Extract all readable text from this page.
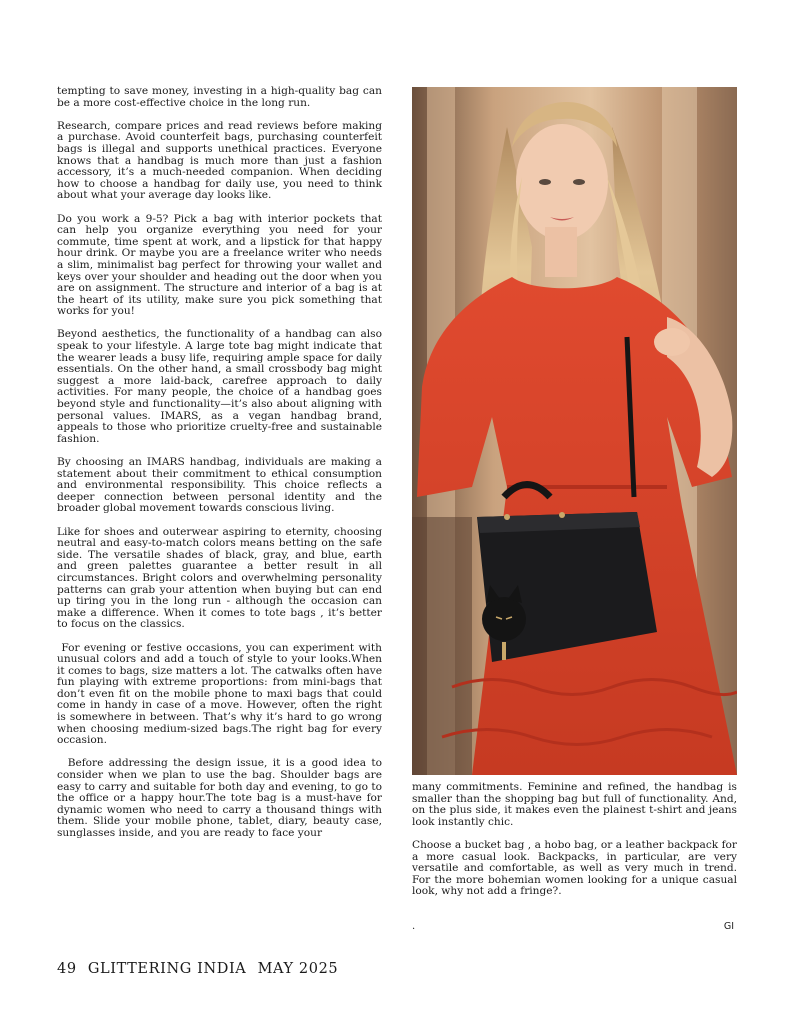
tempting to save money, investing in a high-quality bag can be a more cost-effective choice in the long run.

Research, compare prices and read reviews before making a purchase. Avoid counterfeit bags, purchasing counterfeit bags is illegal and supports unethical practices. Everyone knows that a handbag is much more than just a fashion accessory, it’s a much-needed companion. When deciding how to choose a handbag for daily use, you need to think about what your average day looks like.

Do you work a 9-5? Pick a bag with interior pockets that can help you organize everything you need for your commute, time spent at work, and a lipstick for that happy hour drink. Or maybe you are a freelance writer who needs a slim, minimalist bag perfect for throwing your wallet and keys over your shoulder and heading out the door when you are on assignment. The structure and interior of a bag is at the heart of its utility, make sure you pick something that works for you!

Beyond aesthetics, the functionality of a handbag can also speak to your lifestyle. A large tote bag might indicate that the wearer leads a busy life, requiring ample space for daily essentials. On the other hand, a small crossbody bag might suggest a more laid-back, carefree approach to daily activities. For many people, the choice of a handbag goes beyond style and functionality—it’s also about aligning with personal values. IMARS, as a vegan handbag brand, appeals to those who prioritize cruelty-free and sustainable fashion.

By choosing an IMARS handbag, individuals are making a statement about their commitment to ethical consumption and environmental responsibility. This choice reflects a deeper connection between personal identity and the broader global movement towards conscious living.

Like for shoes and outerwear aspiring to eternity, choosing neutral and easy-to-match colors means betting on the safe side. The versatile shades of black, gray, and blue, earth and green palettes guarantee a better result in all circumstances. Bright colors and overwhelming personality patterns can grab your attention when buying but can end up tiring you in the long run - although the occasion can make a difference. When it comes to tote bags , it’s better to focus on the classics.

For evening or festive occasions, you can experiment with unusual colors and add a touch of style to your looks.When it comes to bags, size matters a lot. The catwalks often have fun playing with extreme proportions: from mini-bags that don’t even fit on the mobile phone to maxi bags that could come in handy in case of a move. However, often the right is somewhere in between. That’s why it’s hard to go wrong when choosing medium-sized bags.The right bag for every occasion.

Before addressing the design issue, it is a good idea to consider when we plan to use the bag. Shoulder bags are easy to carry and suitable for both day and evening, to go to the office or a happy hour.The tote bag is a must-have for dynamic women who need to carry a thousand things with them. Slide your mobile phone, tablet, diary, beauty case, sunglasses inside, and you are ready to face your

many commitments. Feminine and refined, the handbag is smaller than the shopping bag but full of functionality. And, on the plus side, it makes even the plainest t-shirt and jeans look instantly chic.

Choose a bucket bag , a hobo bag, or a leather backpack for a more casual look. Backpacks, in particular, are very versatile and comfortable, as well as very much in trend. For the more bohemian women looking for a unique casual look, why not add a fringe?.

.	GI
49 GLITTERING INDIA MAY 2025
